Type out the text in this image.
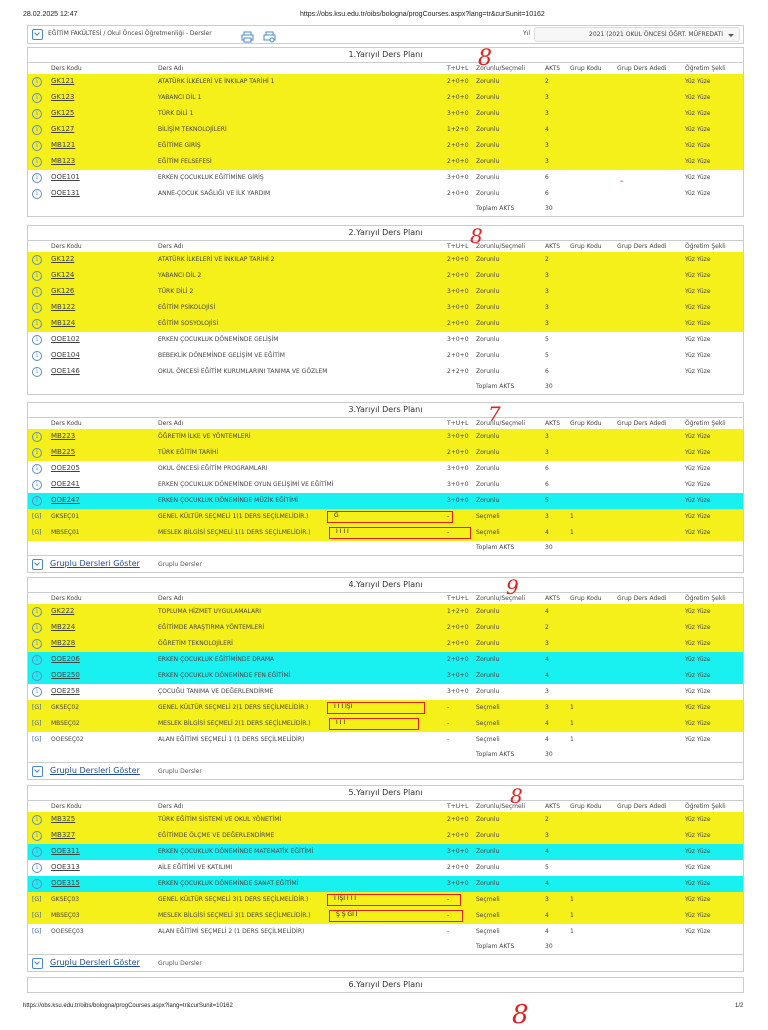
28.02.2025 12:47	https://obs.ksu.edu.tr/oibs/bologna/progCourses.aspx?lang=tr&curSunit=10162
EĞİTİM FAKÜLTESİ / Okul Öncesi Öğretmenliği - Dersler	Yıl	2021 (2021 OKUL ÖNCESİ ÖĞRT. MÜFREDATI
1.Yarıyıl Ders Planı
Ders Kodu	Ders Adı	T+U+L Zorunlu/Seçmeli	AKTS Grup Kodu	Grup Ders Adedi	Öğretim Şekli
i	GK121	ATATÜRK İLKELERİ VE İNKILAP TARİHİ 1	2+0+0 Zorunlu	2	Yüz Yüze
i	GK123	YABANCI DİL 1	2+0+0 Zorunlu	3	Yüz Yüze
i	GK125	TÜRK DİLİ 1	3+0+0 Zorunlu	3	Yüz Yüze
i	GK127	BİLİŞİM TEKNOLOJİLERİ	1+2+0 Zorunlu	4	Yüz Yüze
i	MB121	EĞİTİME GİRİŞ	2+0+0 Zorunlu	3	Yüz Yüze
i	MB123	EĞİTİM FELSEFESİ	2+0+0 Zorunlu	3	Yüz Yüze
i	OOE101	ERKEN ÇOCUKLUK EĞİTİMİNE GİRİŞ	3+0+0 Zorunlu	6	Yüz Yüze
i	OOE131	ANNE-ÇOCUK SAĞLIĞI VE İLK YARDIM	2+0+0 Zorunlu	6	Yüz Yüze
Toplam AKTS	30
2.Yarıyıl Ders Planı
Ders Kodu	Ders Adı	T+U+L Zorunlu/Seçmeli	AKTS Grup Kodu	Grup Ders Adedi	Öğretim Şekli
i	GK122	ATATÜRK İLKELERİ VE İNKILAP TARİHİ 2	2+0+0 Zorunlu	2	Yüz Yüze
i	GK124	YABANCI DİL 2	2+0+0 Zorunlu	3	Yüz Yüze
i	GK126	TÜRK DİLİ 2	3+0+0 Zorunlu	3	Yüz Yüze
i	MB122	EĞİTİM PSİKOLOJİSİ	3+0+0 Zorunlu	3	Yüz Yüze
i	MB124	EĞİTİM SOSYOLOJİSİ	2+0+0 Zorunlu	3	Yüz Yüze
i	OOE102	ERKEN ÇOCUKLUK DÖNEMİNDE GELİŞİM	3+0+0 Zorunlu	5	Yüz Yüze
i	OOE104	BEBEKLİK DÖNEMİNDE GELİŞİM VE EĞİTİM	2+0+0 Zorunlu	5	Yüz Yüze
i	OOE146	OKUL ÖNCESİ EĞİTİM KURUMLARINI TANIMA VE GÖZLEM	2+2+0 Zorunlu	6	Yüz Yüze
Toplam AKTS	30
3.Yarıyıl Ders Planı
Ders Kodu	Ders Adı	T+U+L Zorunlu/Seçmeli	AKTS Grup Kodu	Grup Ders Adedi	Öğretim Şekli
i	MB223	ÖĞRETİM İLKE VE YÖNTEMLERİ	3+0+0 Zorunlu	3	Yüz Yüze
i	MB225	TÜRK EĞİTİM TARİHİ	2+0+0 Zorunlu	3	Yüz Yüze
i	OOE205	OKUL ÖNCESİ EĞİTİM PROGRAMLARI	3+0+0 Zorunlu	6	Yüz Yüze
i	OOE241	ERKEN ÇOCUKLUK DÖNEMİNDE OYUN GELİŞİMİ VE EĞİTİMİ	3+0+0 Zorunlu	6	Yüz Yüze
i	OOE247	ERKEN ÇOCUKLUK DÖNEMİNDE MÜZİK EĞİTİMİ	3+0+0 Zorunlu	5	Yüz Yüze
[G] GKSEÇ01	GENEL KÜLTÜR SEÇMELİ 1(1 DERS SEÇİLMELİDİR.)	-	Seçmeli	3	1	Yüz Yüze
G
[G] MBSEÇ01	MESLEK BİLGİSİ SEÇMELİ 1(1 DERS SEÇİLMELİDİR.)	-	Seçmeli	4	1	Yüz Yüze
I I I I
Toplam AKTS	30
Gruplu Dersleri Göster	Gruplu Dersler
4.Yarıyıl Ders Planı
Ders Kodu	Ders Adı	T+U+L Zorunlu/Seçmeli	AKTS Grup Kodu	Grup Ders Adedi	Öğretim Şekli
i	GK222	TOPLUMA HİZMET UYGULAMALARI	1+2+0 Zorunlu	4	Yüz Yüze
i	MB224	EĞİTİMDE ARAŞTIRMA YÖNTEMLERİ	2+0+0 Zorunlu	2	Yüz Yüze
i	MB228	ÖĞRETİM TEKNOLOJİLERİ	2+0+0 Zorunlu	3	Yüz Yüze
i	OOE206	ERKEN ÇOCUKLUK EĞİTİMİNDE DRAMA	2+0+0 Zorunlu	4	Yüz Yüze
i	OOE250	ERKEN ÇOCUKLUK DÖNEMİNDE FEN EĞİTİMİ	3+0+0 Zorunlu	4	Yüz Yüze
i	OOE258	ÇOCUĞU TANIMA VE DEĞERLENDİRME	3+0+0 Zorunlu	3	Yüz Yüze
[G] GKSEÇ02	GENEL KÜLTÜR SEÇMELİ 2(1 DERS SEÇİLMELİDİR.)	-	Seçmeli	3	1	Yüz Yüze
I I I IŞI
[G] MBSEÇ02	MESLEK BİLGİSİ SEÇMELİ 2(1 DERS SEÇİLMELİDİR.)	-	Seçmeli	4	1	Yüz Yüze
I I I
[G] OOESEÇ02	ALAN EĞİTİMİ SEÇMELİ 1 (1 DERS SEÇİLMELİDİR)	-	Seçmeli	4	1	Yüz Yüze
Toplam AKTS	30
Gruplu Dersleri Göster	Gruplu Dersler
5.Yarıyıl Ders Planı
Ders Kodu	Ders Adı	T+U+L Zorunlu/Seçmeli	AKTS Grup Kodu	Grup Ders Adedi	Öğretim Şekli
i	MB325	TÜRK EĞİTİM SİSTEMİ VE OKUL YÖNETİMİ	2+0+0 Zorunlu	2	Yüz Yüze
i	MB327	EĞİTİMDE ÖLÇME VE DEĞERLENDİRME	2+0+0 Zorunlu	3	Yüz Yüze
i	OOE311	ERKEN ÇOCUKLUK DÖNEMİNDE MATEMATİK EĞİTİMİ	3+0+0 Zorunlu	4	Yüz Yüze
i	OOE313	AİLE EĞİTİMİ VE KATILIMI	2+0+0 Zorunlu	5	Yüz Yüze
i	OOE315	ERKEN ÇOCUKLUK DÖNEMİNDE SANAT EĞİTİMİ	3+0+0 Zorunlu	4	Yüz Yüze
[G] GKSEÇ03	GENEL KÜLTÜR SEÇMELİ 3(1 DERS SEÇİLMELİDİR.)	-	Seçmeli	3	1	Yüz Yüze
I IŞI I I I
[G] MBSEÇ03	MESLEK BİLGİSİ SEÇMELİ 3(1 DERS SEÇİLMELİDİR.)	-	Seçmeli	4	1	Yüz Yüze
Ş Ş Gİ I
[G] OOESEÇ03	ALAN EĞİTİMİ SEÇMELİ 2 (1 DERS SEÇİLMELİDİR)	-	Seçmeli	4	1	Yüz Yüze
Toplam AKTS	30
Gruplu Dersleri Göster	Gruplu Dersler
6.Yarıyıl Ders Planı
https://obs.ksu.edu.tr/oibs/bologna/progCourses.aspx?lang=tr&curSunit=10162	1/2
8
8
7
9
8
8
-
